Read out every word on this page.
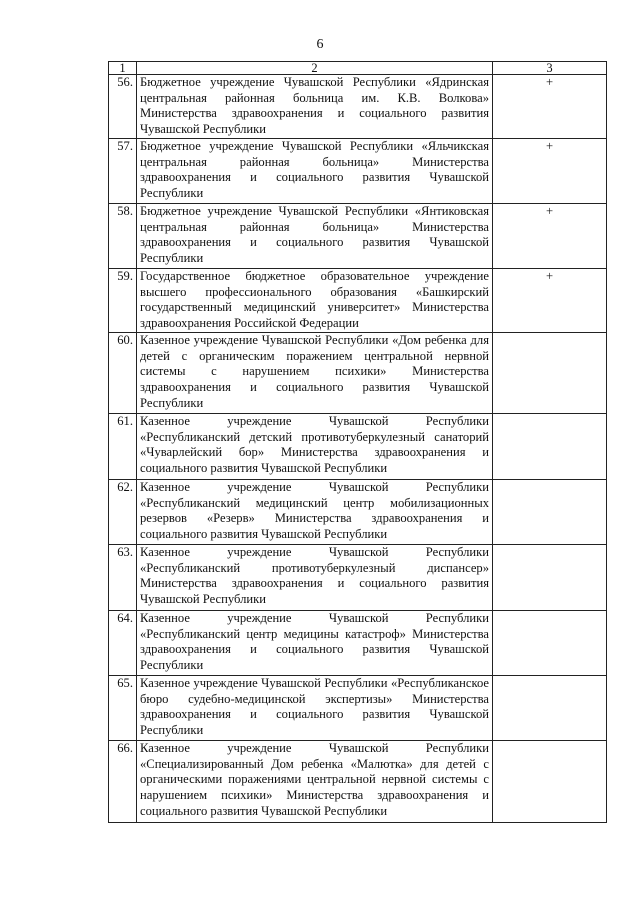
6
1	2	3
56.	Бюджетное учреждение Чувашской Республики «Ядринская центральная районная больница им. К.В. Волкова» Министерства здравоохранения и социального развития Чувашской Республики	+
57.	Бюджетное учреждение Чувашской Республики «Яльчикская центральная районная больница» Министерства здравоохранения и социального развития Чувашской Республики	+
58.	Бюджетное учреждение Чувашской Республики «Янтиковская центральная районная больница» Министерства здравоохранения и социального развития Чувашской Республики	+
59.	Государственное бюджетное образовательное учреждение высшего профессионального образования «Башкирский государственный медицинский университет» Министерства здравоохранения Российской Федерации	+
60.	Казенное учреждение Чувашской Республики «Дом ребенка для детей с органическим поражением центральной нервной системы с нарушением психики» Министерства здравоохранения и социального развития Чувашской Республики	
61.	Казенное учреждение Чувашской Республики «Республиканский детский противотуберкулезный санаторий «Чуварлейский бор» Министерства здравоохранения и социального развития Чувашской Республики	
62.	Казенное учреждение Чувашской Республики «Республиканский медицинский центр мобилизационных резервов «Резерв» Министерства здравоохранения и социального развития Чувашской Республики	
63.	Казенное учреждение Чувашской Республики «Республиканский противотуберкулезный диспансер» Министерства здравоохранения и социального развития Чувашской Республики	
64.	Казенное учреждение Чувашской Республики «Республиканский центр медицины катастроф» Министерства здравоохранения и социального развития Чувашской Республики	
65.	Казенное учреждение Чувашской Республики «Республиканское бюро судебно-медицинской экспертизы» Министерства здравоохранения и социального развития Чувашской Республики	
66.	Казенное учреждение Чувашской Республики «Специализированный Дом ребенка «Малютка» для детей с органическими поражениями центральной нервной системы с нарушением психики» Министерства здравоохранения и социального развития Чувашской Республики	
